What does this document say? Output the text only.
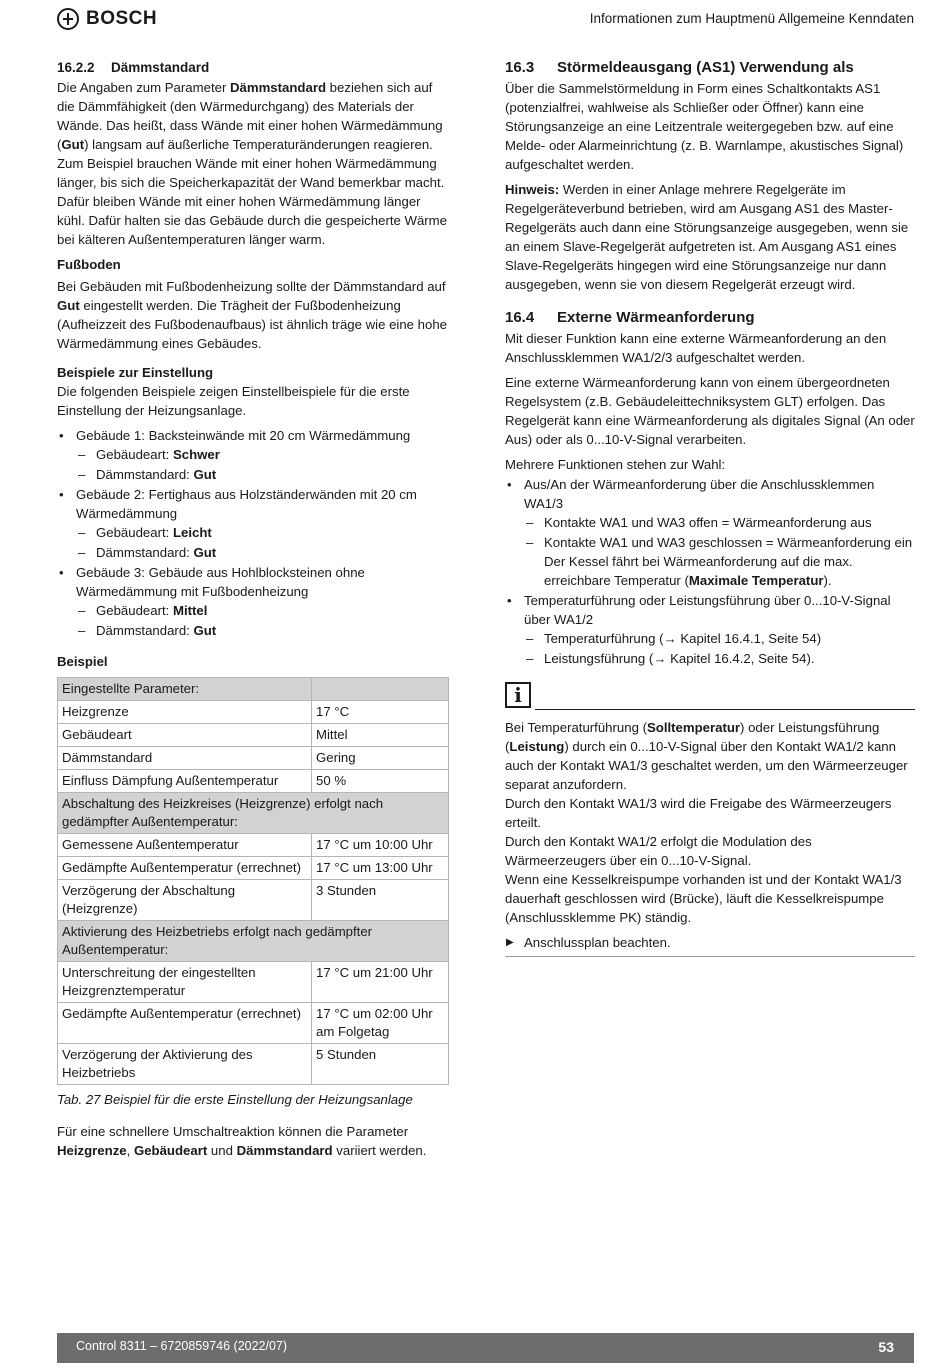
BOSCH	Informationen zum Hauptmenü Allgemeine Kenndaten
16.2.2 Dämmstandard

Die Angaben zum Parameter Dämmstandard beziehen sich auf die Dämmfähigkeit (den Wärmedurchgang) des Materials der Wände. Das heißt, dass Wände mit einer hohen Wärmedämmung (Gut) langsam auf äußerliche Temperaturänderungen reagieren. Zum Beispiel brauchen Wände mit einer hohen Wärmedämmung länger, bis sich die Speicherkapazität der Wand bemerkbar macht. Dafür bleiben Wände mit einer hohen Wärmedämmung länger kühl. Dafür halten sie das Gebäude durch die gespeicherte Wärme bei kälteren Außentemperaturen länger warm.

Fußboden

Bei Gebäuden mit Fußbodenheizung sollte der Dämmstandard auf Gut eingestellt werden. Die Trägheit der Fußbodenheizung (Aufheizzeit des Fußbodenaufbaus) ist ähnlich träge wie eine hohe Wärmedämmung eines Gebäudes.

Beispiele zur Einstellung

Die folgenden Beispiele zeigen Einstellbeispiele für die erste Einstellung der Heizungsanlage.

• Gebäude 1: Backsteinwände mit 20 cm Wärmedämmung
– Gebäudeart: Schwer
– Dämmstandard: Gut
• Gebäude 2: Fertighaus aus Holzständerwänden mit 20 cm Wärmedämmung
– Gebäudeart: Leicht
– Dämmstandard: Gut
• Gebäude 3: Gebäude aus Hohlblocksteinen ohne Wärmedämmung mit Fußbodenheizung
– Gebäudeart: Mittel
– Dämmstandard: Gut
Beispiel
Eingestellte Parameter:	
Heizgrenze	17 °C
Gebäudeart	Mittel
Dämmstandard	Gering
Einfluss Dämpfung Außentemperatur	50 %
Abschaltung des Heizkreises (Heizgrenze) erfolgt nach gedämpfter Außentemperatur:	
Gemessene Außentemperatur	17 °C um 10:00 Uhr
Gedämpfte Außentemperatur (errechnet)	17 °C um 13:00 Uhr
Verzögerung der Abschaltung (Heizgrenze)	3 Stunden
Aktivierung des Heizbetriebs erfolgt nach gedämpfter Außentemperatur:	
Unterschreitung der eingestellten Heizgrenztemperatur	17 °C um 21:00 Uhr
Gedämpfte Außentemperatur (errechnet)	17 °C um 02:00 Uhr am Folgetag
Verzögerung der Aktivierung des Heizbetriebs	5 Stunden
Tab. 27 Beispiel für die erste Einstellung der Heizungsanlage

Für eine schnellere Umschaltreaktion können die Parameter Heizgrenze, Gebäudeart und Dämmstandard variiert werden.

16.3 Störmeldeausgang (AS1) Verwendung als

Über die Sammelstörmeldung in Form eines Schaltkontakts AS1 (potenzialfrei, wahlweise als Schließer oder Öffner) kann eine Störungsanzeige an eine Leitzentrale weitergegeben bzw. auf eine Melde- oder Alarmeinrichtung (z. B. Warnlampe, akustisches Signal) aufgeschaltet werden.

Hinweis: Werden in einer Anlage mehrere Regelgeräte im Regelgeräteverbund betrieben, wird am Ausgang AS1 des Master-Regelgeräts auch dann eine Störungsanzeige ausgegeben, wenn sie an einem Slave-Regelgerät aufgetreten ist. Am Ausgang AS1 eines Slave-Regelgeräts hingegen wird eine Störungsanzeige nur dann ausgegeben, wenn sie von diesem Regelgerät erzeugt wird.

16.4 Externe Wärmeanforderung

Mit dieser Funktion kann eine externe Wärmeanforderung an den Anschlussklemmen WA1/2/3 aufgeschaltet werden.

Eine externe Wärmeanforderung kann von einem übergeordneten Regelsystem (z.B. Gebäudeleittechniksystem GLT) erfolgen. Das Regelgerät kann eine Wärmeanforderung als digitales Signal (An oder Aus) oder als 0...10-V-Signal verarbeiten.

Mehrere Funktionen stehen zur Wahl:

• Aus/An der Wärmeanforderung über die Anschlussklemmen WA1/3
– Kontakte WA1 und WA3 offen = Wärmeanforderung aus
– Kontakte WA1 und WA3 geschlossen = Wärmeanforderung ein Der Kessel fährt bei Wärmeanforderung auf die max. erreichbare Temperatur (Maximale Temperatur).
• Temperaturführung oder Leistungsführung über 0...10-V-Signal über WA1/2
– Temperaturführung (→ Kapitel 16.4.1, Seite 54)
– Leistungsführung (→ Kapitel 16.4.2, Seite 54).
i

Bei Temperaturführung (Solltemperatur) oder Leistungsführung (Leistung) durch ein 0...10-V-Signal über den Kontakt WA1/2 kann auch der Kontakt WA1/3 geschaltet werden, um den Wärmeerzeuger separat anzufordern.

Durch den Kontakt WA1/3 wird die Freigabe des Wärmeerzeugers erteilt.

Durch den Kontakt WA1/2 erfolgt die Modulation des Wärmeerzeugers über ein 0...10-V-Signal.

Wenn eine Kesselkreispumpe vorhanden ist und der Kontakt WA1/3 dauerhaft geschlossen wird (Brücke), läuft die Kesselkreispumpe (Anschlussklemme PK) ständig.

▶ Anschlussplan beachten.
Control 8311 – 6720859746 (2022/07)	53
